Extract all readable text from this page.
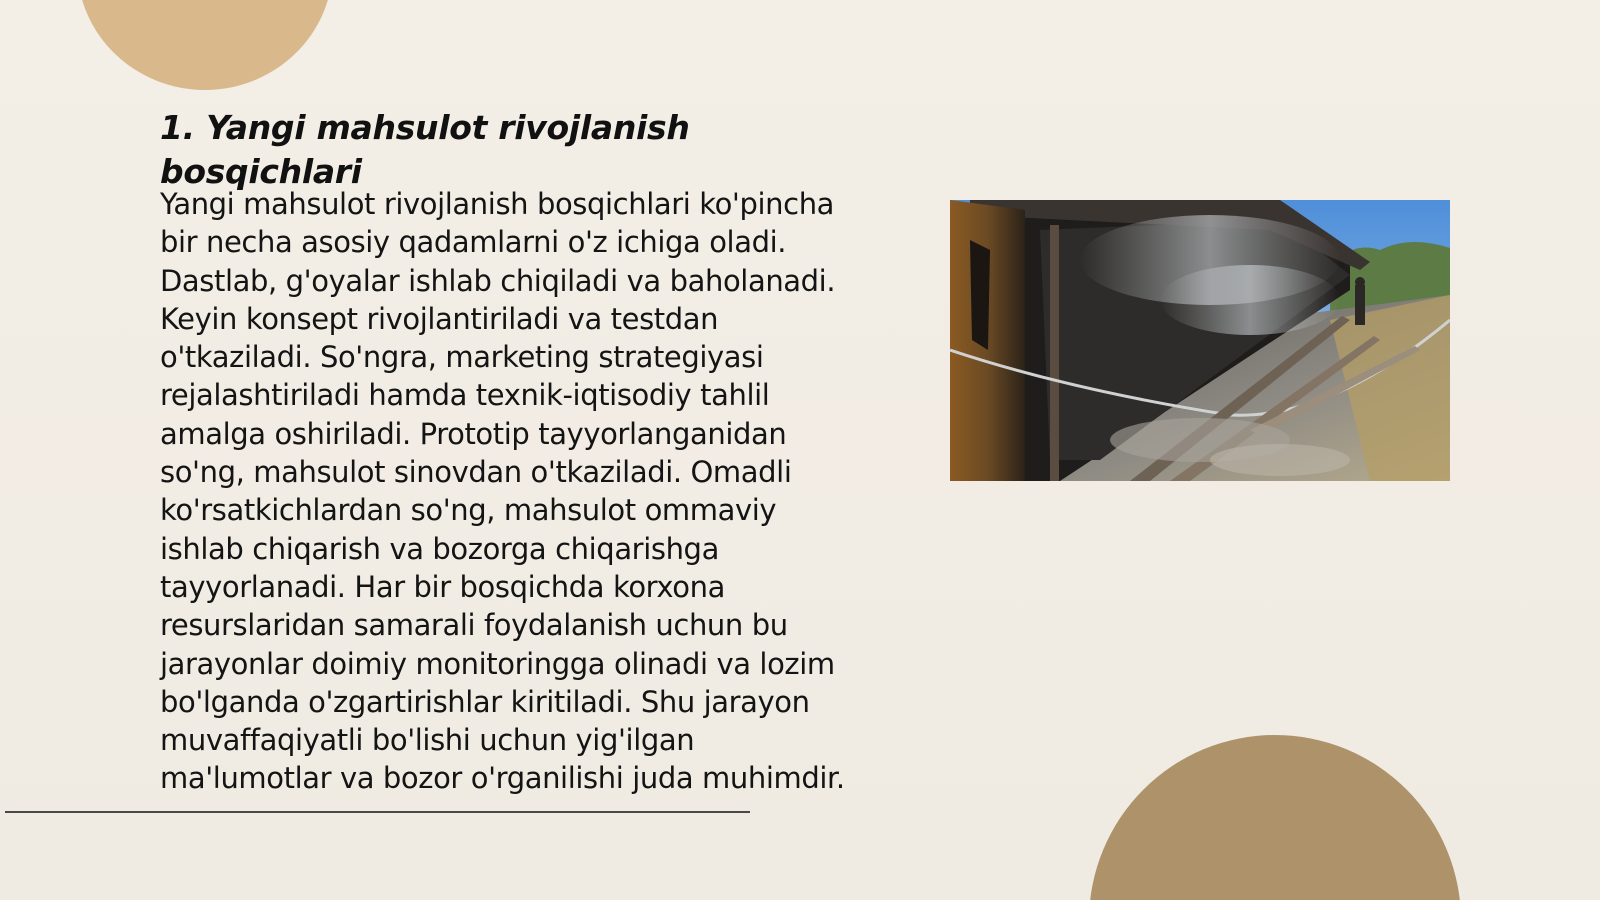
1. Yangi mahsulot rivojlanish bosqichlari

Yangi mahsulot rivojlanish bosqichlari ko'pincha bir necha asosiy qadamlarni o'z ichiga oladi. Dastlab, g'oyalar ishlab chiqiladi va baholanadi. Keyin konsept rivojlantiriladi va testdan o'tkaziladi. So'ngra, marketing strategiyasi rejalashtiriladi hamda texnik-iqtisodiy tahlil amalga oshiriladi. Prototip tayyorlanganidan so'ng, mahsulot sinovdan o'tkaziladi. Omadli ko'rsatkichlardan so'ng, mahsulot ommaviy ishlab chiqarish va bozorga chiqarishga tayyorlanadi. Har bir bosqichda korxona resurslaridan samarali foydalanish uchun bu jarayonlar doimiy monitoringga olinadi va lozim bo'lganda o'zgartirishlar kiritiladi. Shu jarayon muvaffaqiyatli bo'lishi uchun yig'ilgan ma'lumotlar va bozor o'rganilishi juda muhimdir.
